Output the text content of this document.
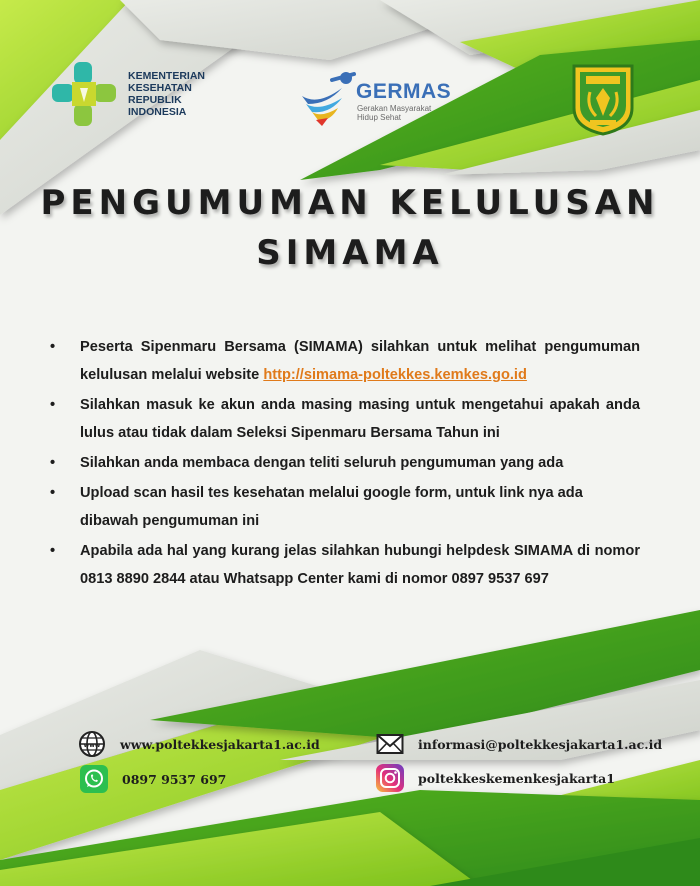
KEMENTERIAN
KESEHATAN
REPUBLIK
INDONESIA
GERMAS
Gerakan Masyarakat Hidup Sehat
PENGUMUMAN KELULUSAN
SIMAMA
• Peserta Sipenmaru Bersama (SIMAMA) silahkan untuk melihat pengumuman kelulusan melalui website http://simama-poltekkes.kemkes.go.id
• Silahkan masuk ke akun anda masing masing untuk mengetahui apakah anda lulus atau tidak dalam Seleksi Sipenmaru Bersama Tahun ini
• Silahkan anda membaca dengan teliti seluruh pengumuman yang ada
• Upload scan hasil tes kesehatan melalui google form, untuk link nya ada dibawah pengumuman ini
• Apabila ada hal yang kurang jelas silahkan hubungi helpdesk SIMAMA di nomor 0813 8890 2844 atau Whatsapp Center kami di nomor 0897 9537 697
www www.poltekkesjakarta1.ac.id	informasi@poltekkesjakarta1.ac.id
0897 9537 697	poltekkeskemenkesjakarta1
